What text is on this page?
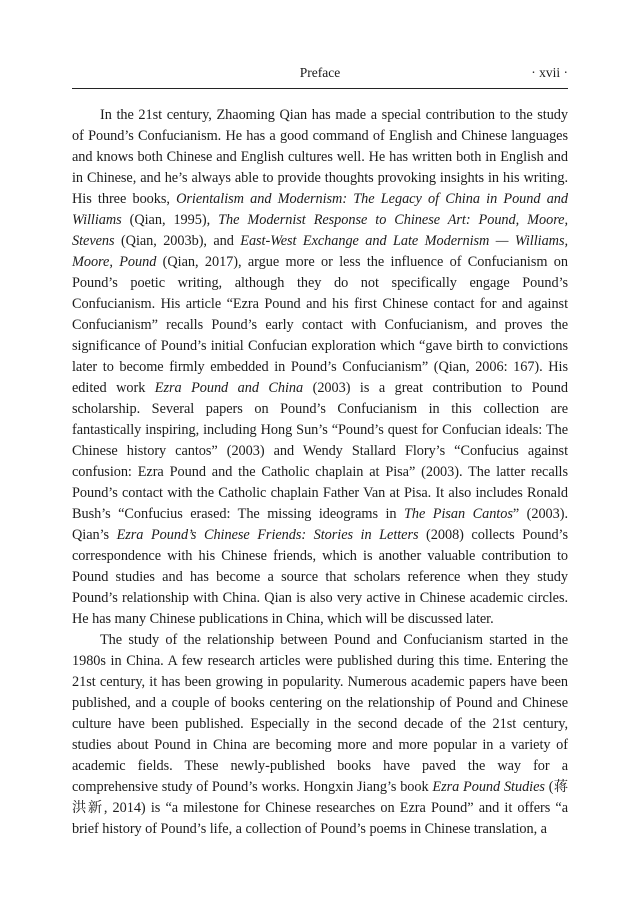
Preface	· xvii ·

In the 21st century, Zhaoming Qian has made a special contribution to the study of Pound’s Confucianism. He has a good command of English and Chinese languages and knows both Chinese and English cultures well. He has written both in English and in Chinese, and he’s always able to provide thoughts provoking insights in his writing. His three books, Orientalism and Modernism: The Legacy of China in Pound and Williams (Qian, 1995), The Modernist Response to Chinese Art: Pound, Moore, Stevens (Qian, 2003b), and East-West Exchange and Late Modernism — Williams, Moore, Pound (Qian, 2017), argue more or less the influence of Confucianism on Pound’s poetic writing, although they do not specifically engage Pound’s Confucianism. His article “Ezra Pound and his first Chinese contact for and against Confucianism” recalls Pound’s early contact with Confucianism, and proves the significance of Pound’s initial Confucian exploration which “gave birth to convictions later to become firmly embedded in Pound’s Confucianism” (Qian, 2006: 167). His edited work Ezra Pound and China (2003) is a great contribution to Pound scholarship. Several papers on Pound’s Confucianism in this collection are fantastically inspiring, including Hong Sun’s “Pound’s quest for Confucian ideals: The Chinese history cantos” (2003) and Wendy Stallard Flory’s “Confucius against confusion: Ezra Pound and the Catholic chaplain at Pisa” (2003). The latter recalls Pound’s contact with the Catholic chaplain Father Van at Pisa. It also includes Ronald Bush’s “Confucius erased: The missing ideograms in The Pisan Cantos” (2003). Qian’s Ezra Pound’s Chinese Friends: Stories in Letters (2008) collects Pound’s correspondence with his Chinese friends, which is another valuable contribution to Pound studies and has become a source that scholars reference when they study Pound’s relationship with China. Qian is also very active in Chinese academic circles. He has many Chinese publications in China, which will be discussed later.

The study of the relationship between Pound and Confucianism started in the 1980s in China. A few research articles were published during this time. Entering the 21st century, it has been growing in popularity. Numerous academic papers have been published, and a couple of books centering on the relationship of Pound and Chinese culture have been published. Especially in the second decade of the 21st century, studies about Pound in China are becoming more and more popular in a variety of academic fields. These newly-published books have paved the way for a comprehensive study of Pound’s works. Hongxin Jiang’s book Ezra Pound Studies (蒋洪新, 2014) is “a milestone for Chinese researches on Ezra Pound” and it offers “a brief history of Pound’s life, a collection of Pound’s poems in Chinese translation, a
